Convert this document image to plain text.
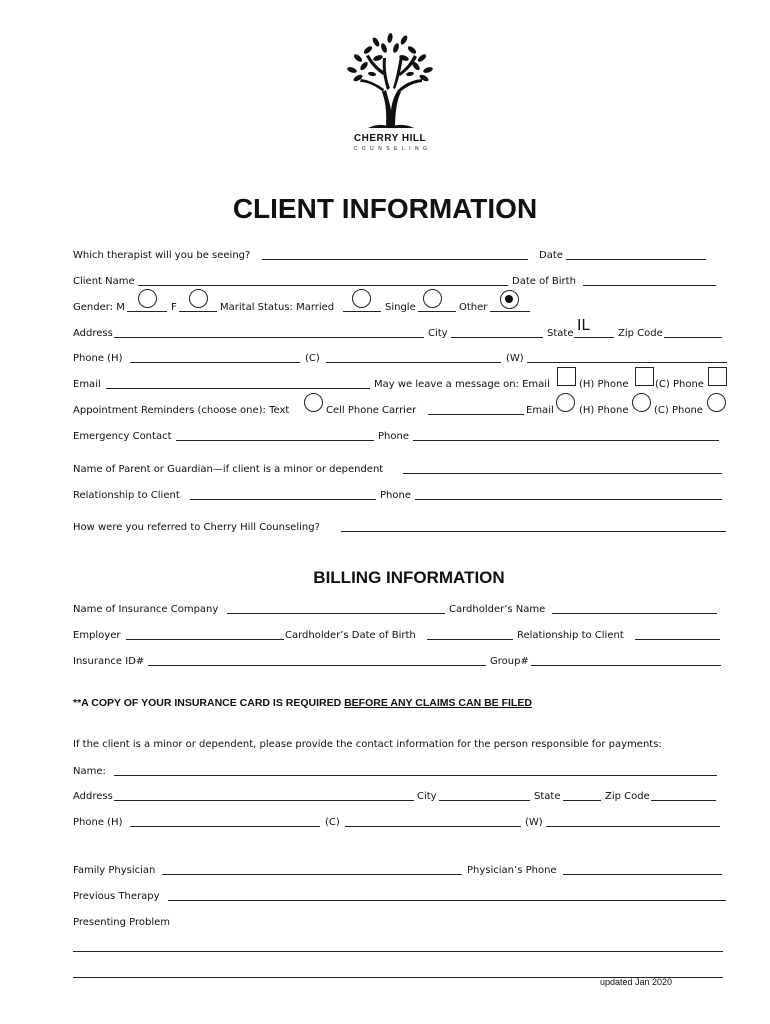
CHERRY HILL
COUNSELING
CLIENT INFORMATION
Which therapist will you be seeing?	Date
Client Name	Date of Birth
Gender: M	F	Marital Status: Married	Single	Other
Address	City	State IL	Zip Code
Phone (H)	(C)	(W)
Email	May we leave a message on: Email	(H) Phone	(C) Phone
Appointment Reminders (choose one): Text	Cell Phone Carrier	Email	(H) Phone	(C) Phone
Emergency Contact	Phone
Name of Parent or Guardian—if client is a minor or dependent
Relationship to Client	Phone
How were you referred to Cherry Hill Counseling?
BILLING INFORMATION
Name of Insurance Company	Cardholder’s Name
Employer	Cardholder’s Date of Birth	Relationship to Client
Insurance ID#	Group#
**A COPY OF YOUR INSURANCE CARD IS REQUIRED BEFORE ANY CLAIMS CAN BE FILED
If the client is a minor or dependent, please provide the contact information for the person responsible for payments:
Name:
Address	City	State	Zip Code
Phone (H)	(C)	(W)
Family Physician	Physician’s Phone
Previous Therapy
Presenting Problem
updated Jan 2020
